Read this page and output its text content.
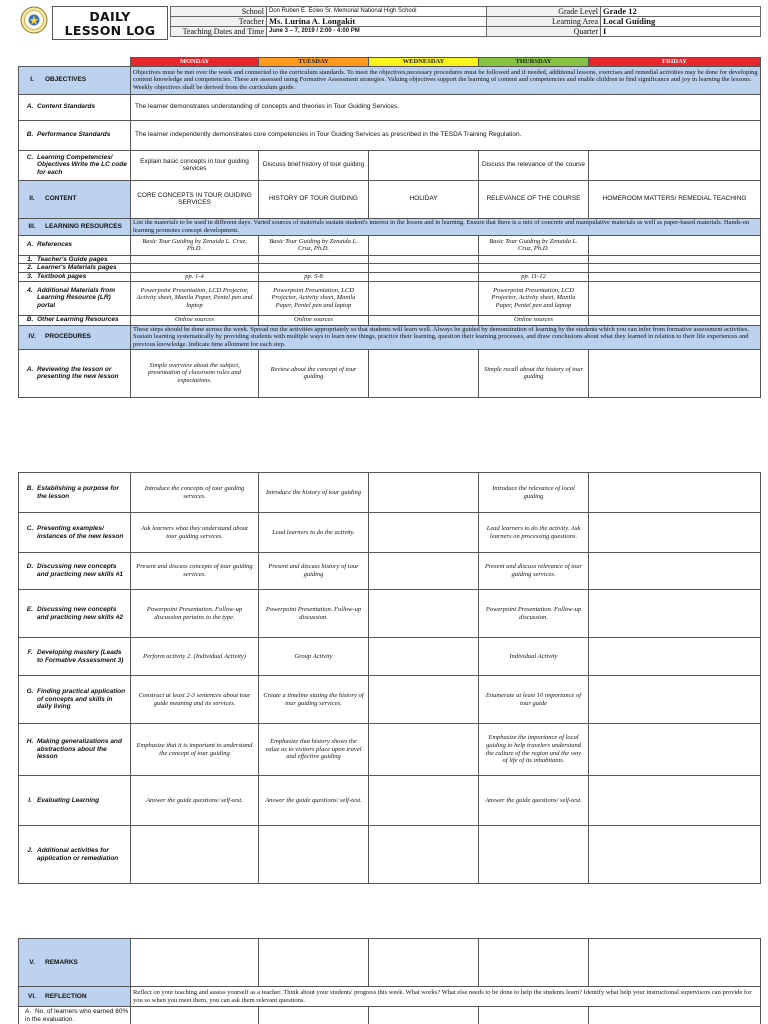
DAILY
LESSON LOG
School	Don Ruben E. Ecleo Sr. Memorial National High School	Grade Level	Grade 12
Teacher	Ms. Lurina A. Longakit	Learning Area	Local Guiding
Teaching Dates and Time	June 3 – 7, 2019 / 2:00 - 4:00 PM	Quarter	I
	MONDAY	TUESDAY	WEDNESDAY	THURSDAY	FRIDAY
I. OBJECTIVES	Objectives must be met over the week and connected to the curriculum standards. To meet the objectives,necessary procedures must be followed and if needed, additional lessons, exercises and remedial activities may be done for developing content knowledge and competencies. These are assessed using Formative Assessment strategies. Valuing objectives support the learning of content and competencies and enable children to find significance and joy in learning the lessons. Weekly objectives shall be derived from the curriculum guide.				
A. Content Standards	The learner demonstrates understanding of concepts and theories in Tour Guiding Services.				
B. Performance Standards	The learner independently demonstrates core competencies in Tour Guiding Services as prescribed in the TESDA Training Regulation.				
C. Learning Competencies/ Objectives Write the LC code for each	Explain basic concepts in tour guiding services	Discuss brief history of tour guiding		Discuss the relevance of the course	
II. CONTENT	CORE CONCEPTS IN TOUR GUIDING SERVICES	HISTORY OF TOUR GUIDING	HOLIDAY	RELEVANCE OF THE COURSE	HOMEROOM MATTERS/ REMEDIAL TEACHING
III. LEARNING RESOURCES	List the materials to be used in different days. Varied sources of materials sustain student's interest in the lesson and in learning. Ensure that there is a mix of concrete and manipulative materials as well as paper-based materials. Hands-on learning promotes concept development.				
A. References	Basic Tour Guiding by Zenaida L. Cruz, Ph.D.	Basic Tour Guiding by Zenaida L. Cruz, Ph.D.		Basic Tour Guiding by Zenaida L. Cruz, Ph.D.	
1. Teacher's Guide pages					
2. Learner's Materials pages					
3. Textbook pages	pp. 1-4	pp. 5-8		pp. 11-12	
4. Additional Materials from Learning Resource (LR) portal	Powerpoint Presentation, LCD Projector, Activity sheet, Manila Paper, Pentel pen and laptop	Powerpoint Presentation, LCD Projector, Activity sheet, Manila Paper, Pentel pen and laptop		Powerpoint Presentation, LCD Projector, Activity sheet, Manila Paper, Pentel pen and laptop	
B. Other Learning Resources	Online sources	Online sources		Online sources	
IV. PROCEDURES	These steps should be done across the week. Spread out the activities appropriately so that students will learn well. Always be guided by demonstration of learning by the students which you can infer from formative assessment activities. Sustain learning systematically by providing students with multiple ways to learn new things, practice their learning, question their learning processes, and draw conclusions about what they learned in relation to their life experiences and previous knowledge. Indicate time allotment for each step.				
A. Reviewing the lesson or presenting the new lesson	Simple overview about the subject, presentation of classroom rules and expectations.	Review about the concept of tour guiding		Simple recall about the history of tour guiding	
B. Establishing a purpose for the lesson	Introduce the concepts of tour guiding services.	Introduce the history of tour guiding		Introduce the relevance of local guiding	
C. Presenting examples/ instances of the new lesson	Ask learners what they understand about tour guiding services.	Lead learners to do the activity.		Lead learners to do the activity. Ask learners on processing questions.	
D. Discussing new concepts and practicing new skills #1	Present and discuss concepts of tour guiding services.	Present and discuss history of tour guiding		Present and discuss relevance of tour guiding services.	
E. Discussing new concepts and practicing new skills #2	Powerpoint Presentation. Follow-up discussion pertains to the type.	Powerpoint Presentation. Follow-up discussion.		Powerpoint Presentation. Follow-up discussion.	
F. Developing mastery (Leads to Formative Assessment 3)	Perform activity 2. (Individual Activity)	Group Activity		Individual Activity	
G. Finding practical application of concepts and skills in daily living	Construct at least 2-3 sentences about tour guide meaning and its services.	Create a timeline stating the history of tour guiding services.		Enumerate at least 10 importance of tour guide	
H. Making generalizations and abstractions about the lesson	Emphasize that it is important to understand the concept of tour guiding	Emphasize that history shows the value as to visitors place upon travel and effective guiding		Emphasize the importance of local guiding to help travelers understand the culture of the region and the way of life of its inhabitants.	
I. Evaluating Learning	Answer the guide questions/ self-test.	Answer the guide questions/ self-test.		Answer the guide questions/ self-test.	
J. Additional activities for application or remediation					
V. REMARKS					
VI. REFLECTION	Reflect on your teaching and assess yourself as a teacher. Think about your students' progress this week. What works? What else needs to be done to help the students learn? Identify what help your instructional supervisors can provide for you so when you meet them, you can ask them relevant questions.				
A. No. of learners who earned 80% in the evaluation.					
